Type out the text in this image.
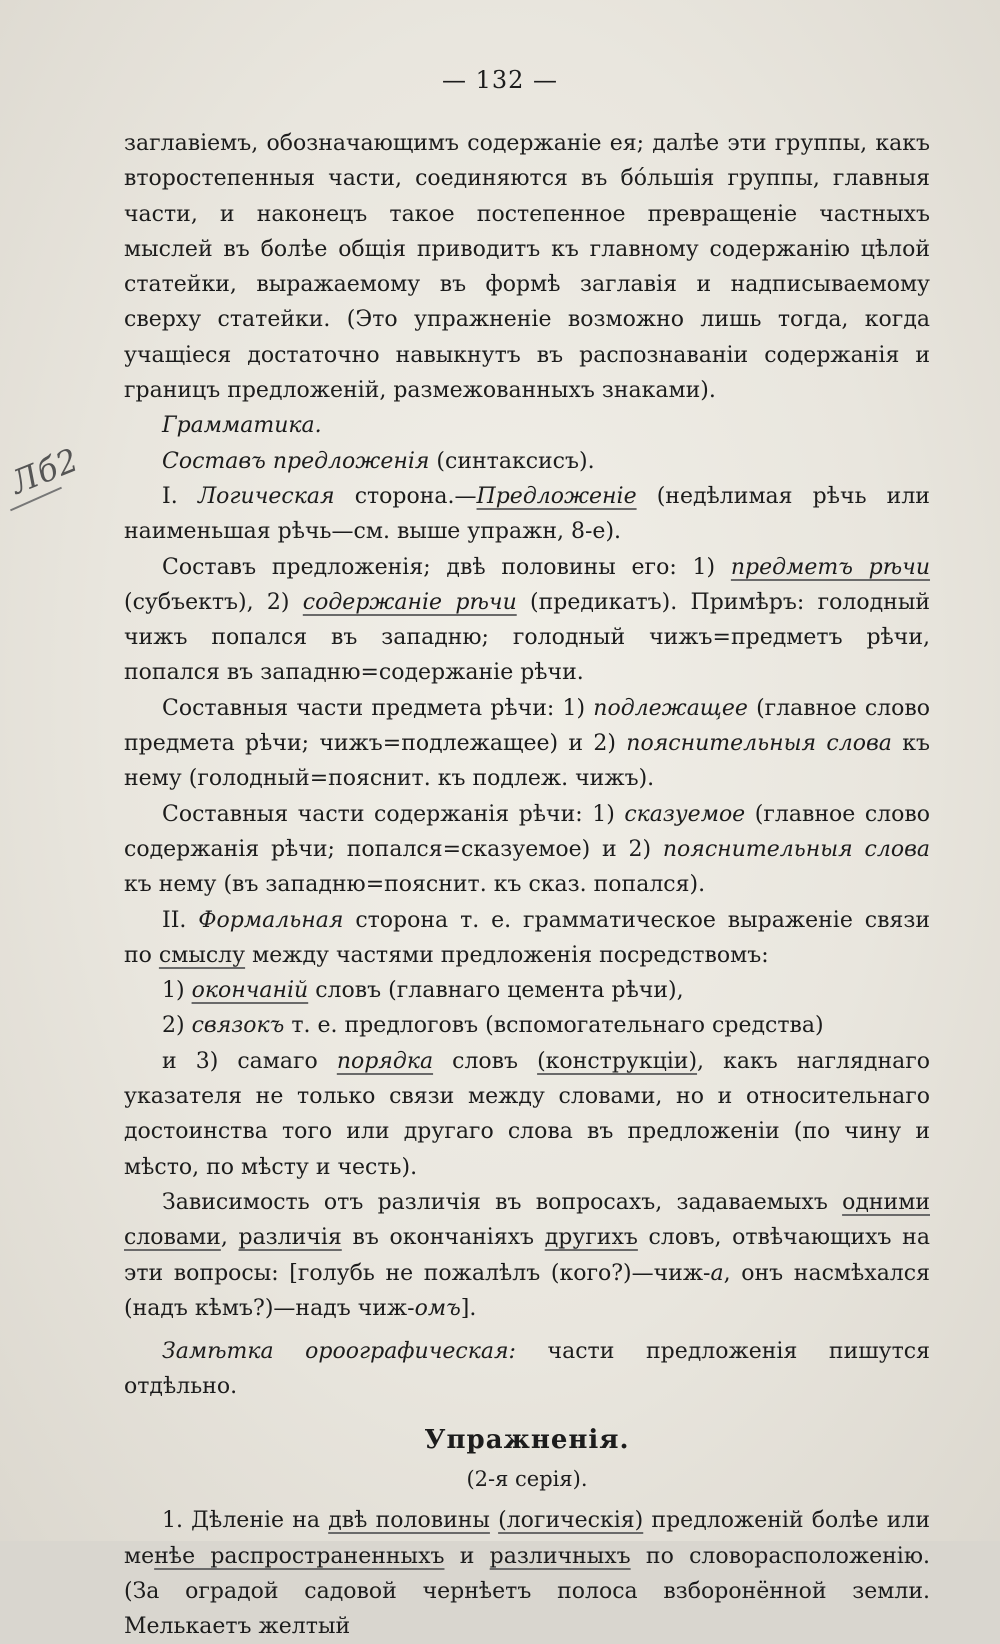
— 132 —
Лб2

заглавіемъ, обозначающимъ содержаніе ея; далѣе эти группы, какъ второстепенныя части, соединяются въ бóльшія группы, главныя части, и наконецъ такое постепенное превращеніе частныхъ мыслей въ болѣе общія приводитъ къ главному содержанію цѣлой статейки, выражаемому въ формѣ заглавія и надписываемому сверху статейки. (Это упражненіе возможно лишь тогда, когда учащіеся достаточно навыкнутъ въ распознаваніи содержанія и границъ предложеній, размежованныхъ знаками).

Грамматика.

Составъ предложенія (синтаксисъ).

I. Логическая сторона.—Предложеніе (недѣлимая рѣчь или наименьшая рѣчь—см. выше упражн, 8-е).

Составъ предложенія; двѣ половины его: 1) предметъ рѣчи (субъектъ), 2) содержаніе рѣчи (предикатъ). Примѣръ: голодный чижъ попался въ западню; голодный чижъ=предметъ рѣчи, попался въ западню=содержаніе рѣчи.

Составныя части предмета рѣчи: 1) подлежащее (главное слово предмета рѣчи; чижъ=подлежащее) и 2) пояснительныя слова къ нему (голодный=пояснит. къ подлеж. чижъ).

Составныя части содержанія рѣчи: 1) сказуемое (главное слово содержанія рѣчи; попался=сказуемое) и 2) пояснительныя слова къ нему (въ западню=пояснит. къ сказ. попался).

II. Формальная сторона т. е. грамматическое выраженіе связи по смыслу между частями предложенія посредствомъ:

1) окончаній словъ (главнаго цемента рѣчи),

2) связокъ т. е. предлоговъ (вспомогательнаго средства)

и 3) самаго порядка словъ (конструкціи), какъ нагляднаго указателя не только связи между словами, но и относительнаго достоинства того или другаго слова въ предложеніи (по чину и мѣсто, по мѣсту и честь).

Зависимость отъ различія въ вопросахъ, задаваемыхъ одними словами, различія въ окончаніяхъ другихъ словъ, отвѣчающихъ на эти вопросы: [голубь не пожалѣлъ (кого?)—чиж-а, онъ насмѣхался (надъ кѣмъ?)—надъ чиж-омъ].

Замѣтка ороографическая: части предложенія пишутся отдѣльно.

Упражненія.
(2-я серія).

1. Дѣленіе на двѣ половины (логическія) предложеній болѣе или менѣе распространенныхъ и различныхъ по словорасположенію. (За оградой садовой чернѣетъ полоса взборонённой земли. Мелькаетъ желтый
